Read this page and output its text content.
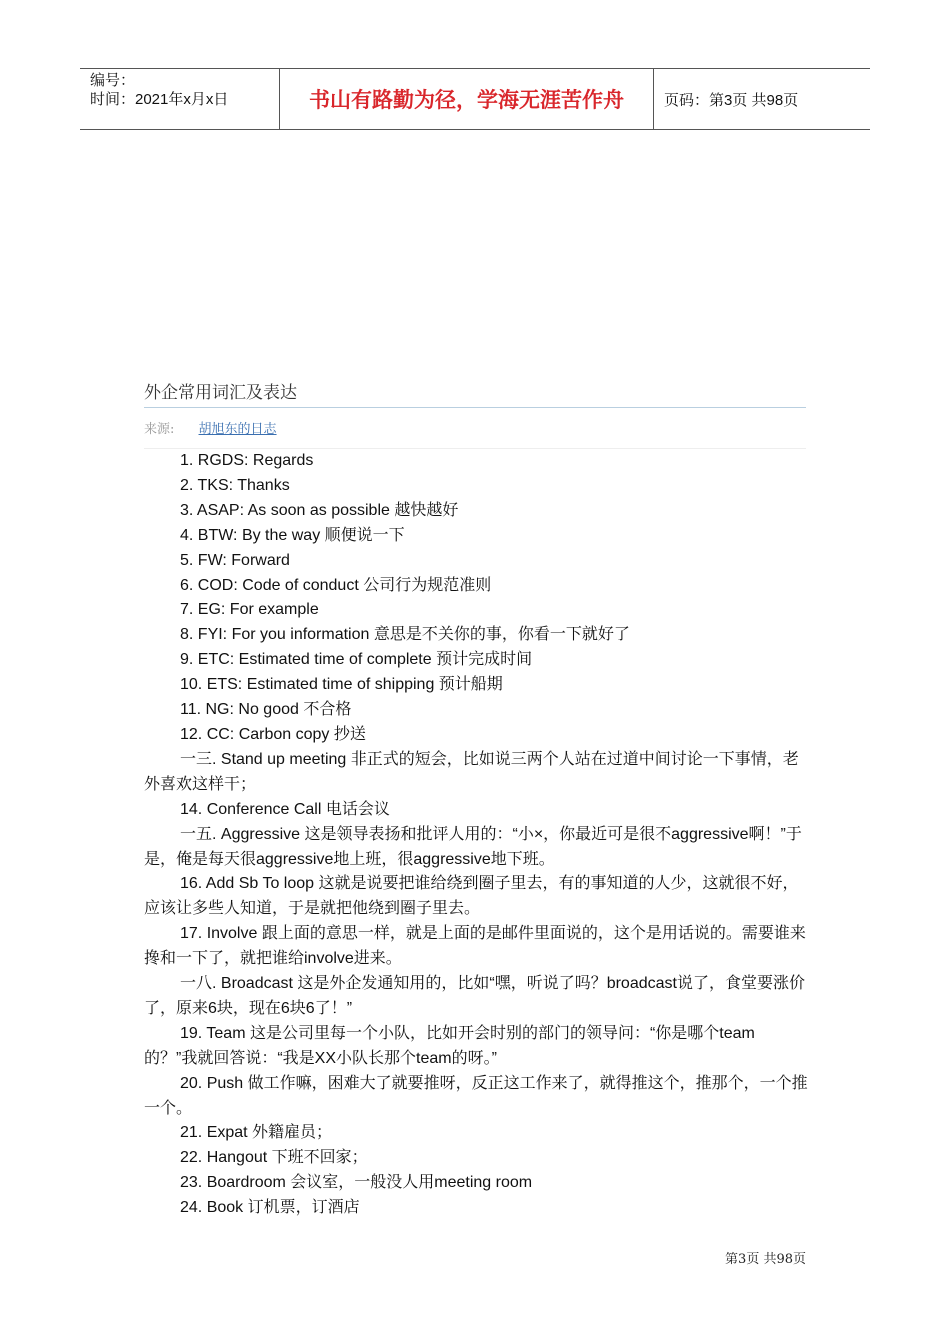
编号：
时间：2021年x月x日	书山有路勤为径，学海无涯苦作舟	页码：第3页 共98页
外企常用词汇及表达
来源: 胡旭东的日志

1. RGDS: Regards

2. TKS: Thanks

3. ASAP: As soon as possible 越快越好

4. BTW: By the way 顺便说一下

5. FW: Forward

6. COD: Code of conduct 公司行为规范准则

7. EG: For example

8. FYI: For you information 意思是不关你的事，你看一下就好了

9. ETC: Estimated time of complete 预计完成时间

10. ETS: Estimated time of shipping 预计船期

11. NG: No good 不合格

12. CC: Carbon copy 抄送

一三. Stand up meeting 非正式的短会，比如说三两个人站在过道中间讨论一下事情，老外喜欢这样干；

14. Conference Call 电话会议

一五. Aggressive 这是领导表扬和批评人用的：“小×，你最近可是很不aggressive啊！”于是，俺是每天很aggressive地上班，很aggressive地下班。

16. Add Sb To loop 这就是说要把谁给绕到圈子里去，有的事知道的人少，这就很不好，应该让多些人知道，于是就把他绕到圈子里去。

17. Involve 跟上面的意思一样，就是上面的是邮件里面说的，这个是用话说的。需要谁来搀和一下了，就把谁给involve进来。

一八. Broadcast 这是外企发通知用的，比如“嘿，听说了吗？broadcast说了，食堂要涨价了，原来6块，现在6块6了！”

19. Team 这是公司里每一个小队，比如开会时别的部门的领导问：“你是哪个team的？”我就回答说：“我是XX小队长那个team的呀。”

20. Push 做工作嘛，困难大了就要推呀，反正这工作来了，就得推这个，推那个，一个推一个。

21. Expat 外籍雇员；

22. Hangout 下班不回家；

23. Boardroom 会议室，一般没人用meeting room

24. Book 订机票，订酒店

第3页 共98页
